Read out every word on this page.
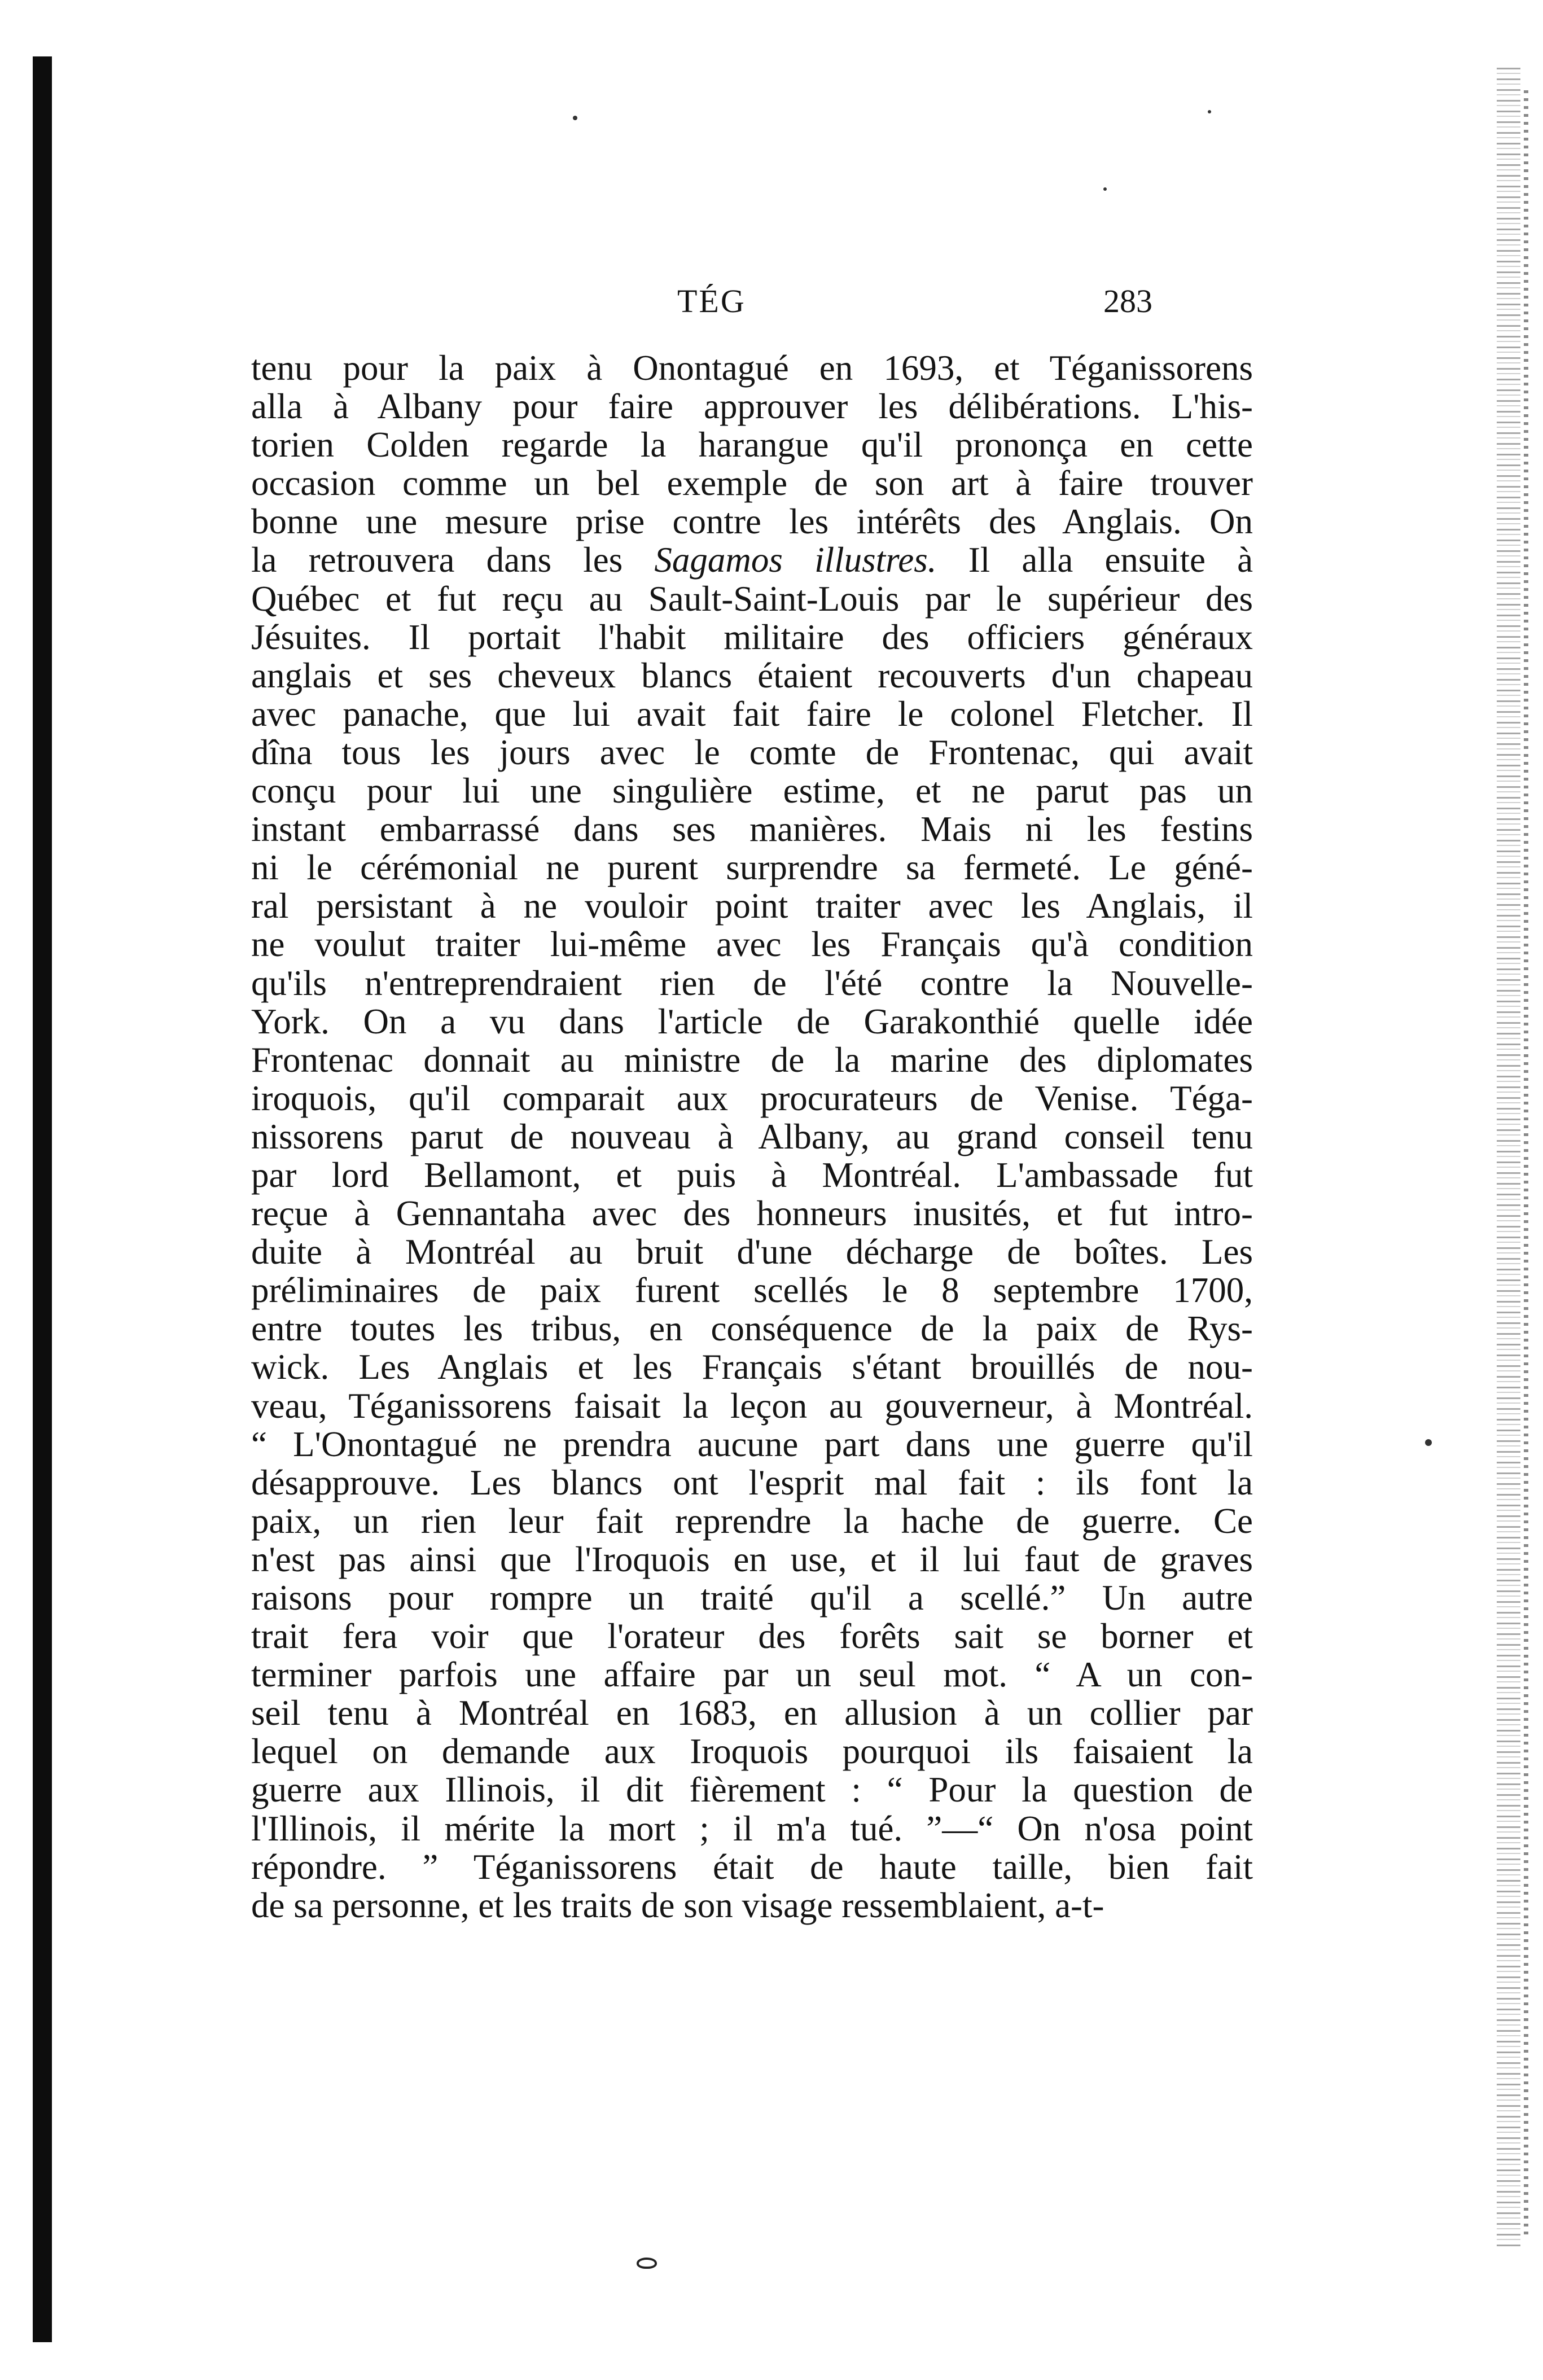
TÉG	283
tenu pour la paix à Onontagué en 1693, et Téganissorens
alla à Albany pour faire approuver les délibérations. L'his-
torien Colden regarde la harangue qu'il prononça en cette
occasion comme un bel exemple de son art à faire trouver
bonne une mesure prise contre les intérêts des Anglais. On
la retrouvera dans les Sagamos illustres. Il alla ensuite à
Québec et fut reçu au Sault-Saint-Louis par le supérieur des
Jésuites. Il portait l'habit militaire des officiers généraux
anglais et ses cheveux blancs étaient recouverts d'un chapeau
avec panache, que lui avait fait faire le colonel Fletcher. Il
dîna tous les jours avec le comte de Frontenac, qui avait
conçu pour lui une singulière estime, et ne parut pas un
instant embarrassé dans ses manières. Mais ni les festins
ni le cérémonial ne purent surprendre sa fermeté. Le géné-
ral persistant à ne vouloir point traiter avec les Anglais, il
ne voulut traiter lui-même avec les Français qu'à condition
qu'ils n'entreprendraient rien de l'été contre la Nouvelle-
York. On a vu dans l'article de Garakonthié quelle idée
Frontenac donnait au ministre de la marine des diplomates
iroquois, qu'il comparait aux procurateurs de Venise. Téga-
nissorens parut de nouveau à Albany, au grand conseil tenu
par lord Bellamont, et puis à Montréal. L'ambassade fut
reçue à Gennantaha avec des honneurs inusités, et fut intro-
duite à Montréal au bruit d'une décharge de boîtes. Les
préliminaires de paix furent scellés le 8 septembre 1700,
entre toutes les tribus, en conséquence de la paix de Rys-
wick. Les Anglais et les Français s'étant brouillés de nou-
veau, Téganissorens faisait la leçon au gouverneur, à Montréal.
“ L'Onontagué ne prendra aucune part dans une guerre qu'il
désapprouve. Les blancs ont l'esprit mal fait : ils font la
paix, un rien leur fait reprendre la hache de guerre. Ce
n'est pas ainsi que l'Iroquois en use, et il lui faut de graves
raisons pour rompre un traité qu'il a scellé.” Un autre
trait fera voir que l'orateur des forêts sait se borner et
terminer parfois une affaire par un seul mot. “ A un con-
seil tenu à Montréal en 1683, en allusion à un collier par
lequel on demande aux Iroquois pourquoi ils faisaient la
guerre aux Illinois, il dit fièrement : “ Pour la question de
l'Illinois, il mérite la mort ; il m'a tué. ”—“ On n'osa point
répondre. ” Téganissorens était de haute taille, bien fait
de sa personne, et les traits de son visage ressemblaient, a-t-
